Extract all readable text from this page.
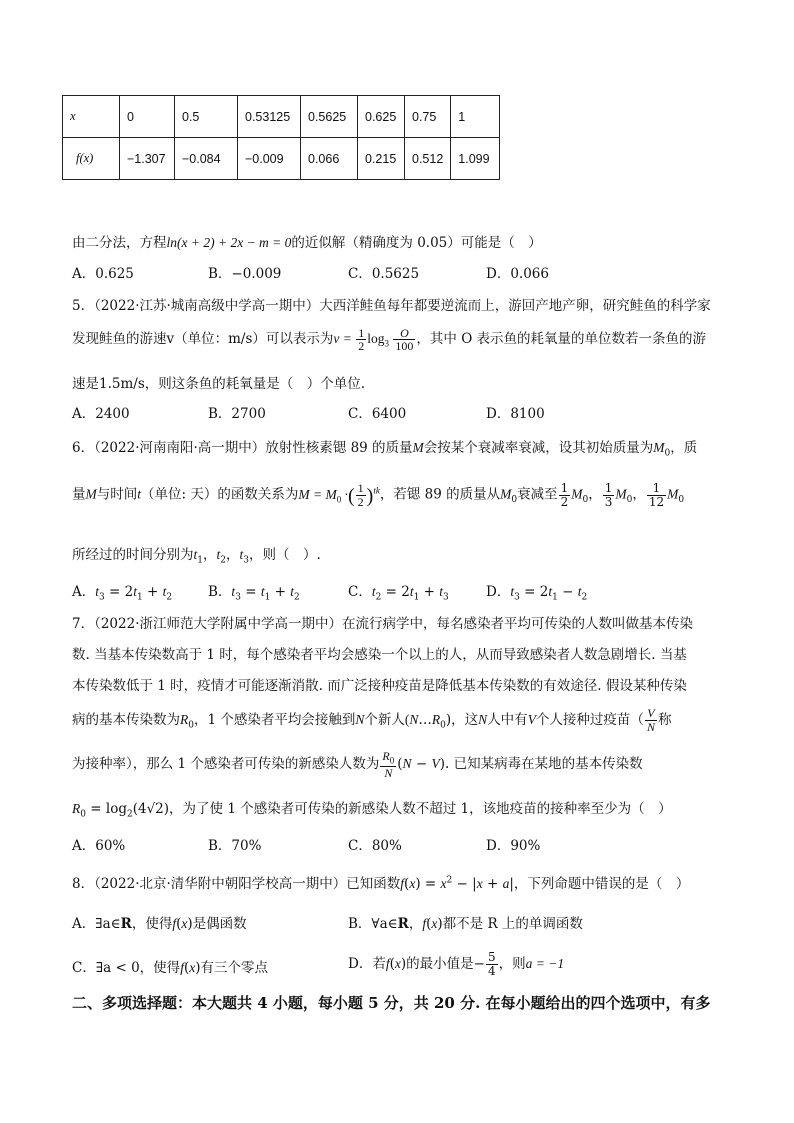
x	0	0.5	0.53125	0.5625	0.625	0.75	1
f(x)	−1.307	−0.084	−0.009	0.066	0.215	0.512	1.099
由二分法，方程ln(x + 2) + 2x − m = 0的近似解（精确度为 0.05）可能是（　）
A．0.625	B．−0.009	C．0.5625	D．0.066
5．（2022·江苏·城南高级中学高一期中）大西洋鲑鱼每年都要逆流而上，游回产地产卵，研究鲑鱼的科学家
发现鲑鱼的游速v（单位：m/s）可以表示为$v = \frac{1}{2} \log_3 \frac{O}{100}$ ，其中 O 表示鱼的耗氧量的单位数若一条鱼的游
速是1.5m/s，则这条鱼的耗氧量是（　）个单位.
A．2400	B．2700	C．6400	D．8100
6．（2022·河南南阳·高一期中）放射性核素锶 89 的质量M会按某个衰减率衰减，设其初始质量为$M_0$，质
量M与时间t（单位: 天）的函数关系为$M = M_0$ ·( $\frac{1}{2} )^{tk}$，若锶 89 的质量从$M_0$衰减至 $\frac{1}{2} M_0$， $\frac{1}{3} M_0$， $\frac{1}{12} M_0$
所经过的时间分别为$t_1$，$t_2$，$t_3$，则（　）.
A．$t_3 = 2t_1 + t_2$	B．$t_3 = t_1 + t_2$	C．$t_2 = 2t_1 + t_3$	D．$t_3 = 2t_1 - t_2$
7．（2022·浙江师范大学附属中学高一期中）在流行病学中，每名感染者平均可传染的人数叫做基本传染
数. 当基本传染数高于 1 时，每个感染者平均会感染一个以上的人，从而导致感染者人数急剧增长. 当基
本传染数低于 1 时，疫情才可能逐渐消散. 而广泛接种疫苗是降低基本传染数的有效途径. 假设某种传染
病的基本传染数为$R_0$，1 个感染者平均会接触到N个新人$(N\dots R_0)$，这N人中有V个人接种过疫苗（ $\frac{V}{N}$ 称
为接种率），那么 1 个感染者可传染的新感染人数为 $\frac{R_0}{N} (N - V)$. 已知某病毒在某地的基本传染数
$R_0 = \log_2(4√2)$，为了使 1 个感染者可传染的新感染人数不超过 1，该地疫苗的接种率至少为（　）
A．60%	B．70%	C．80%	D．90%
8．（2022·北京·清华附中朝阳学校高一期中）已知函数$f(x) = x^2 - |x + a|$，下列命题中错误的是（　）
A．∃a∈R，使得f(x)是偶函数	B．∀a∈R，f(x)都不是 R 上的单调函数
C．∃a < 0，使得f(x)有三个零点	D．若f(x)的最小值是− $\frac{5}{4}$ ，则a = −1
二、多项选择题：本大题共 4 小题，每小题 5 分，共 20 分. 在每小题给出的四个选项中，有多
